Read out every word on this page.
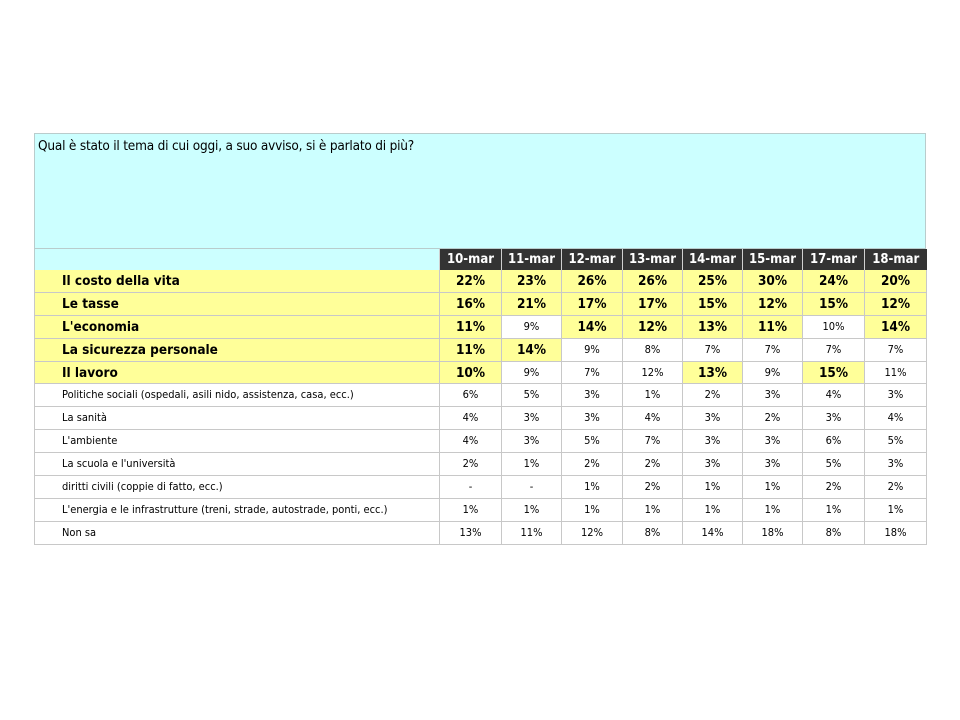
Qual è stato il tema di cui oggi, a suo avviso, si è parlato di più?
	10-mar	11-mar	12-mar	13-mar	14-mar	15-mar	17-mar	18-mar
Il costo della vita	22%	23%	26%	26%	25%	30%	24%	20%
Le tasse	16%	21%	17%	17%	15%	12%	15%	12%
L'economia	11%	9%	14%	12%	13%	11%	10%	14%
La sicurezza personale	11%	14%	9%	8%	7%	7%	7%	7%
Il lavoro	10%	9%	7%	12%	13%	9%	15%	11%
Politiche sociali (ospedali, asili nido, assistenza, casa, ecc.)	6%	5%	3%	1%	2%	3%	4%	3%
La sanità	4%	3%	3%	4%	3%	2%	3%	4%
L'ambiente	4%	3%	5%	7%	3%	3%	6%	5%
La scuola e l'università	2%	1%	2%	2%	3%	3%	5%	3%
diritti civili (coppie di fatto, ecc.)	-	-	1%	2%	1%	1%	2%	2%
L'energia e le infrastrutture (treni, strade, autostrade, ponti, ecc.)	1%	1%	1%	1%	1%	1%	1%	1%
Non sa	13%	11%	12%	8%	14%	18%	8%	18%
